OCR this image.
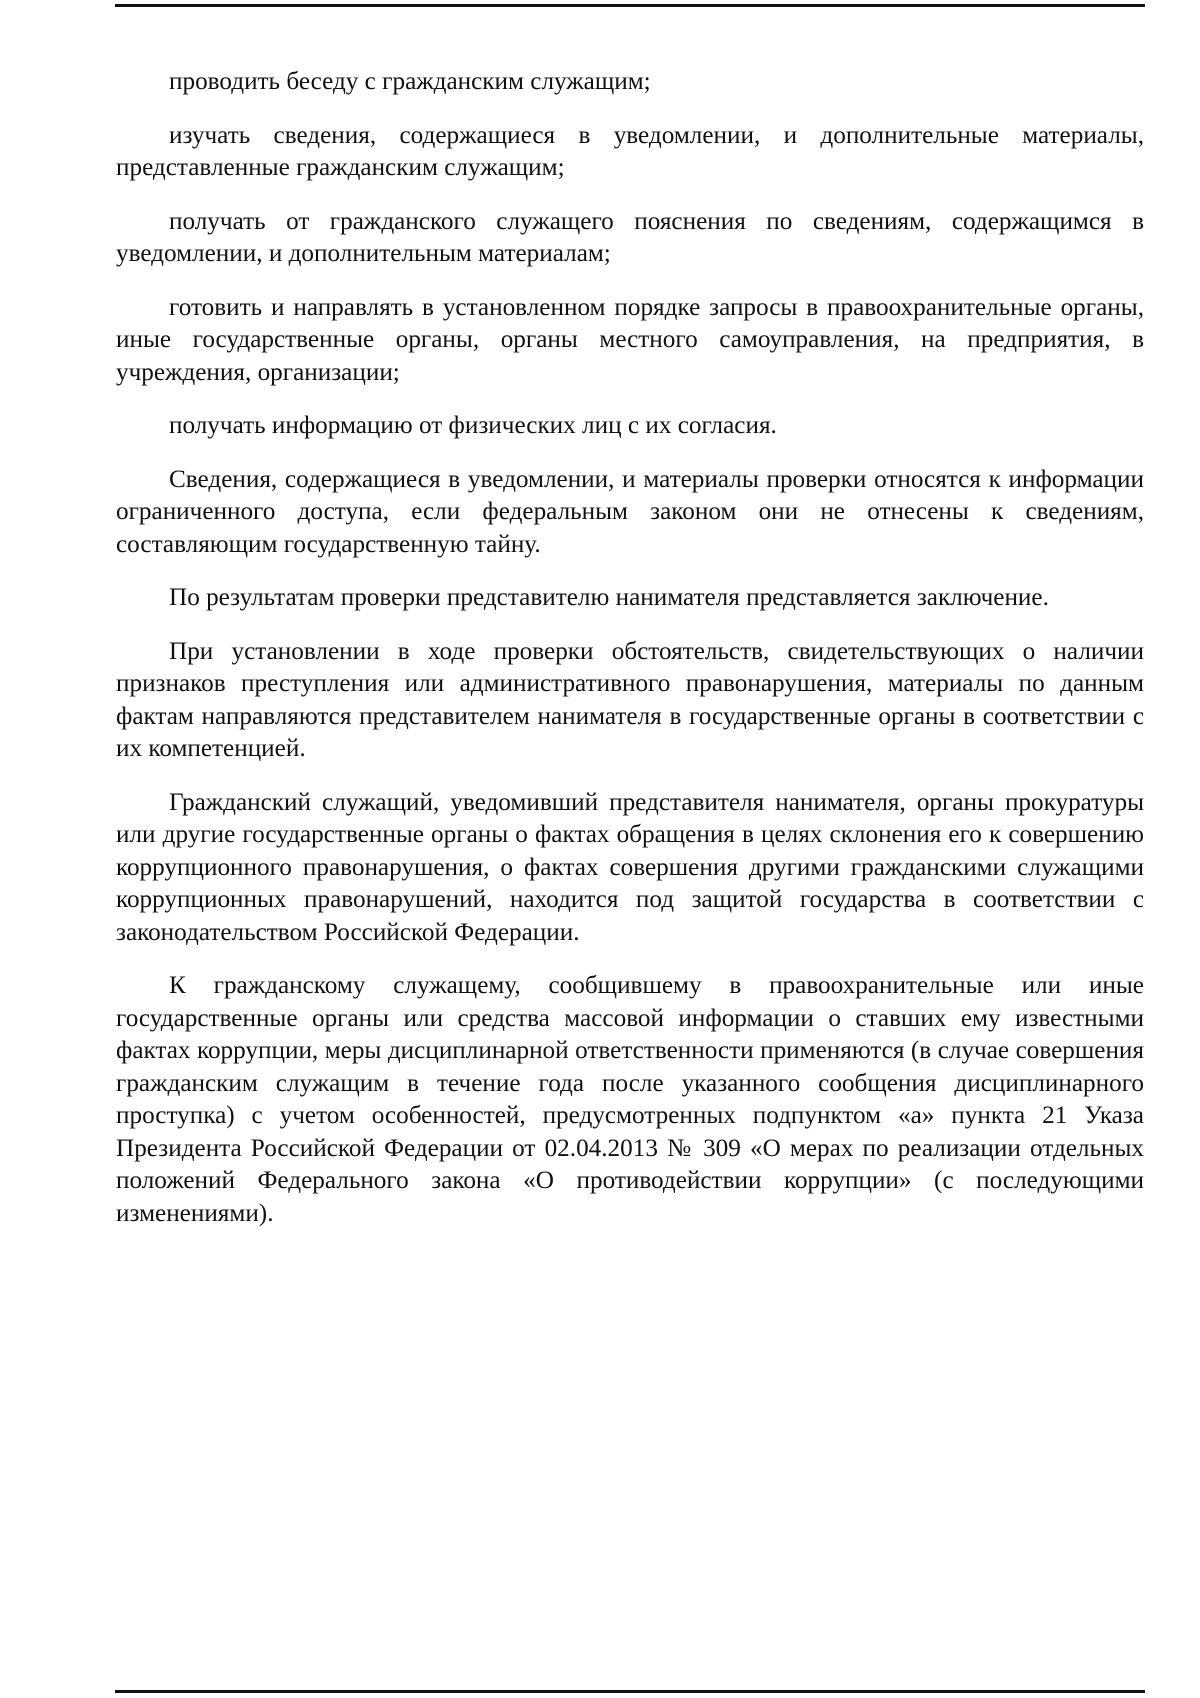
проводить беседу с гражданским служащим;

изучать сведения, содержащиеся в уведомлении, и дополнительные материалы, представленные гражданским служащим;

получать от гражданского служащего пояснения по сведениям, содержащимся в уведомлении, и дополнительным материалам;

готовить и направлять в установленном порядке запросы в правоохранительные органы, иные государственные органы, органы местного самоуправления, на предприятия, в учреждения, организации;

получать информацию от физических лиц с их согласия.

Сведения, содержащиеся в уведомлении, и материалы проверки относятся к информации ограниченного доступа, если федеральным законом они не отнесены к сведениям, составляющим государственную тайну.

По результатам проверки представителю нанимателя представляется заключение.

При установлении в ходе проверки обстоятельств, свидетельствующих о наличии признаков преступления или административного правонарушения, материалы по данным фактам направляются представителем нанимателя в государственные органы в соответствии с их компетенцией.

Гражданский служащий, уведомивший представителя нанимателя, органы прокуратуры или другие государственные органы о фактах обращения в целях склонения его к совершению коррупционного правонарушения, о фактах совершения другими гражданскими служащими коррупционных правонарушений, находится под защитой государства в соответствии с законодательством Российской Федерации.

К гражданскому служащему, сообщившему в правоохранительные или иные государственные органы или средства массовой информации о ставших ему известными фактах коррупции, меры дисциплинарной ответственности применяются (в случае совершения гражданским служащим в течение года после указанного сообщения дисциплинарного проступка) с учетом особенностей, предусмотренных подпунктом «а» пункта 21 Указа Президента Российской Федерации от 02.04.2013 № 309 «О мерах по реализации отдельных положений Федерального закона «О противодействии коррупции» (с последующими изменениями).
